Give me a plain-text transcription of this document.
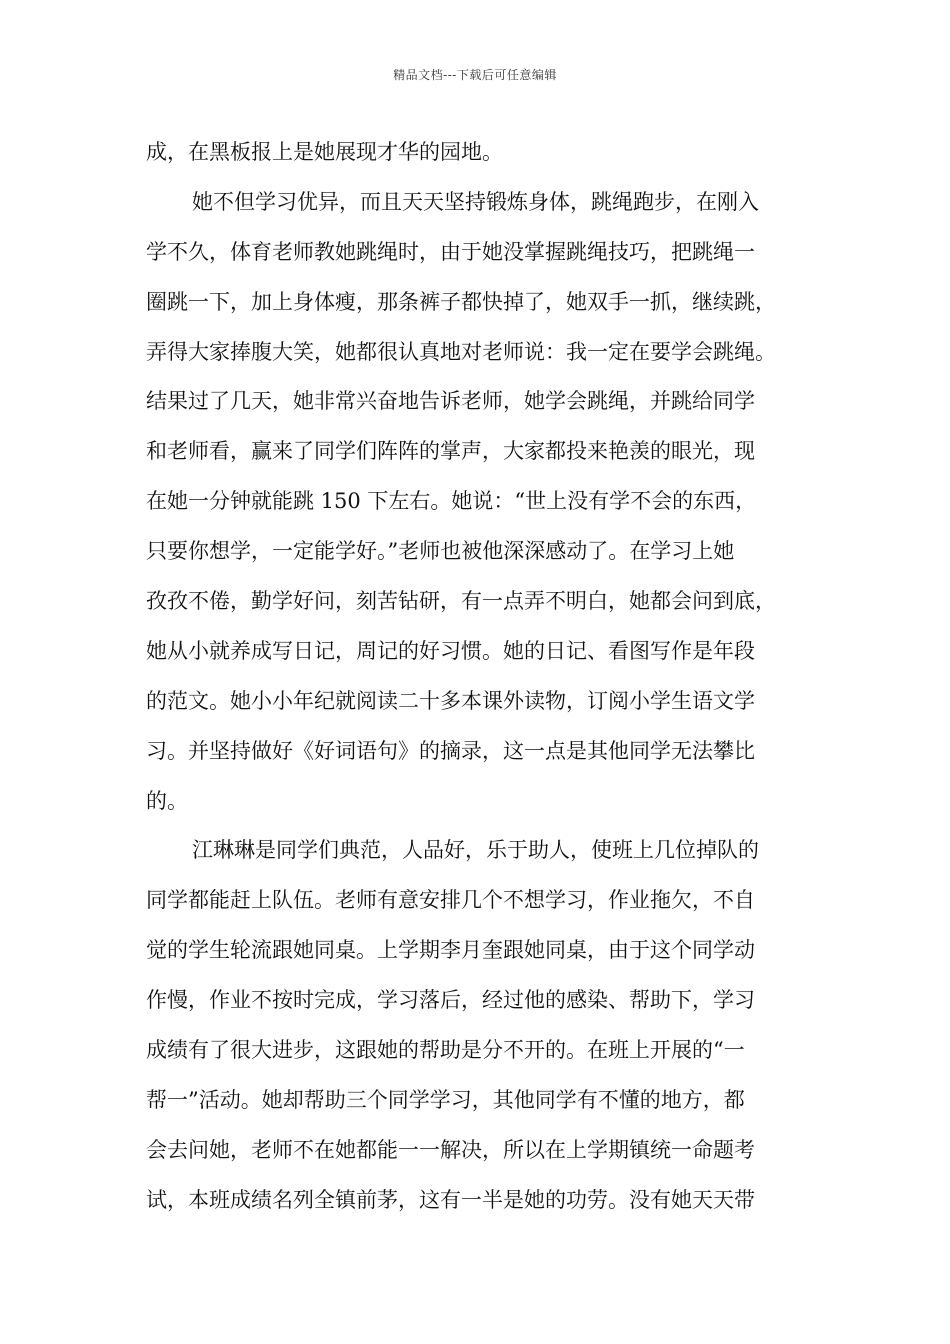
精品文档---下载后可任意编辑
成，在黑板报上是她展现才华的园地。
她不但学习优异，而且天天坚持锻炼身体，跳绳跑步，在刚入
学不久，体育老师教她跳绳时，由于她没掌握跳绳技巧，把跳绳一
圈跳一下，加上身体瘦，那条裤子都快掉了，她双手一抓，继续跳，
弄得大家捧腹大笑，她都很认真地对老师说：我一定在要学会跳绳。
结果过了几天，她非常兴奋地告诉老师，她学会跳绳，并跳给同学
和老师看，赢来了同学们阵阵的掌声，大家都投来艳羡的眼光，现
在她一分钟就能跳 150 下左右。她说：“世上没有学不会的东西，
只要你想学，一定能学好。”老师也被他深深感动了。在学习上她
孜孜不倦，勤学好问，刻苦钻研，有一点弄不明白，她都会问到底，
她从小就养成写日记，周记的好习惯。她的日记、看图写作是年段
的范文。她小小年纪就阅读二十多本课外读物，订阅小学生语文学
习。并坚持做好《好词语句》的摘录，这一点是其他同学无法攀比
的。
江琳琳是同学们典范，人品好，乐于助人，使班上几位掉队的
同学都能赶上队伍。老师有意安排几个不想学习，作业拖欠，不自
觉的学生轮流跟她同桌。上学期李月奎跟她同桌，由于这个同学动
作慢，作业不按时完成，学习落后，经过他的感染、帮助下，学习
成绩有了很大进步，这跟她的帮助是分不开的。在班上开展的“一
帮一”活动。她却帮助三个同学学习，其他同学有不懂的地方，都
会去问她，老师不在她都能一一解决，所以在上学期镇统一命题考
试，本班成绩名列全镇前茅，这有一半是她的功劳。没有她天天带
